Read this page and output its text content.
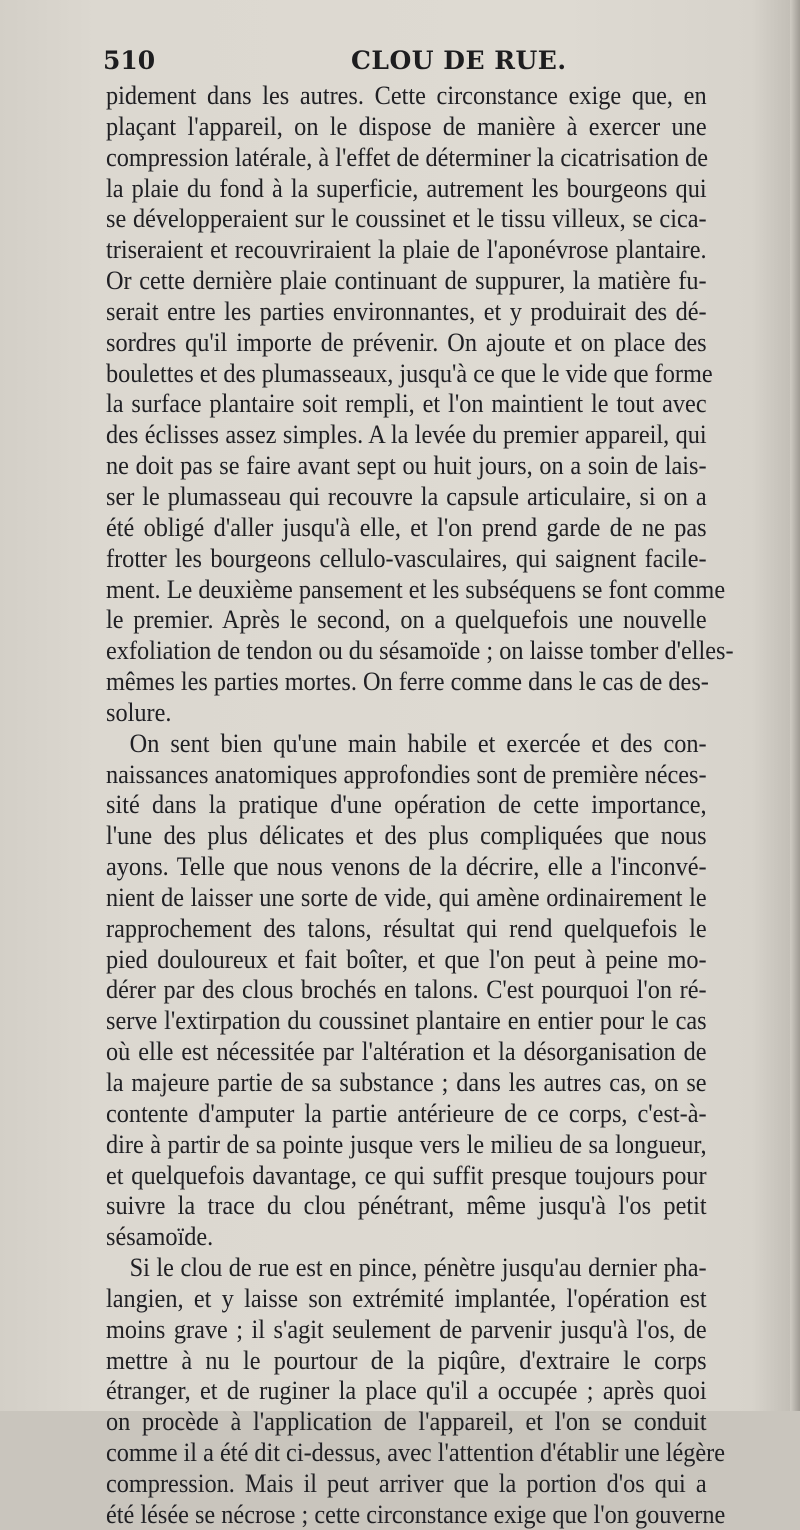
510	CLOU DE RUE.
pidement dans les autres. Cette circonstance exige que, en
plaçant l'appareil, on le dispose de manière à exercer une
compression latérale, à l'effet de déterminer la cicatrisation de
la plaie du fond à la superficie, autrement les bourgeons qui
se développeraient sur le coussinet et le tissu villeux, se cica-
triseraient et recouvriraient la plaie de l'aponévrose plantaire.
Or cette dernière plaie continuant de suppurer, la matière fu-
serait entre les parties environnantes, et y produirait des dé-
sordres qu'il importe de prévenir. On ajoute et on place des
boulettes et des plumasseaux, jusqu'à ce que le vide que forme
la surface plantaire soit rempli, et l'on maintient le tout avec
des éclisses assez simples. A la levée du premier appareil, qui
ne doit pas se faire avant sept ou huit jours, on a soin de lais-
ser le plumasseau qui recouvre la capsule articulaire, si on a
été obligé d'aller jusqu'à elle, et l'on prend garde de ne pas
frotter les bourgeons cellulo-vasculaires, qui saignent facile-
ment. Le deuxième pansement et les subséquens se font comme
le premier. Après le second, on a quelquefois une nouvelle
exfoliation de tendon ou du sésamoïde ; on laisse tomber d'elles-
mêmes les parties mortes. On ferre comme dans le cas de des-
solure.
On sent bien qu'une main habile et exercée et des con-
naissances anatomiques approfondies sont de première néces-
sité dans la pratique d'une opération de cette importance,
l'une des plus délicates et des plus compliquées que nous
ayons. Telle que nous venons de la décrire, elle a l'inconvé-
nient de laisser une sorte de vide, qui amène ordinairement le
rapprochement des talons, résultat qui rend quelquefois le
pied douloureux et fait boîter, et que l'on peut à peine mo-
dérer par des clous brochés en talons. C'est pourquoi l'on ré-
serve l'extirpation du coussinet plantaire en entier pour le cas
où elle est nécessitée par l'altération et la désorganisation de
la majeure partie de sa substance ; dans les autres cas, on se
contente d'amputer la partie antérieure de ce corps, c'est-à-
dire à partir de sa pointe jusque vers le milieu de sa longueur,
et quelquefois davantage, ce qui suffit presque toujours pour
suivre la trace du clou pénétrant, même jusqu'à l'os petit
sésamoïde.
Si le clou de rue est en pince, pénètre jusqu'au dernier pha-
langien, et y laisse son extrémité implantée, l'opération est
moins grave ; il s'agit seulement de parvenir jusqu'à l'os, de
mettre à nu le pourtour de la piqûre, d'extraire le corps
étranger, et de ruginer la place qu'il a occupée ; après quoi
on procède à l'application de l'appareil, et l'on se conduit
comme il a été dit ci-dessus, avec l'attention d'établir une légère
compression. Mais il peut arriver que la portion d'os qui a
été lésée se nécrose ; cette circonstance exige que l'on gouverne
